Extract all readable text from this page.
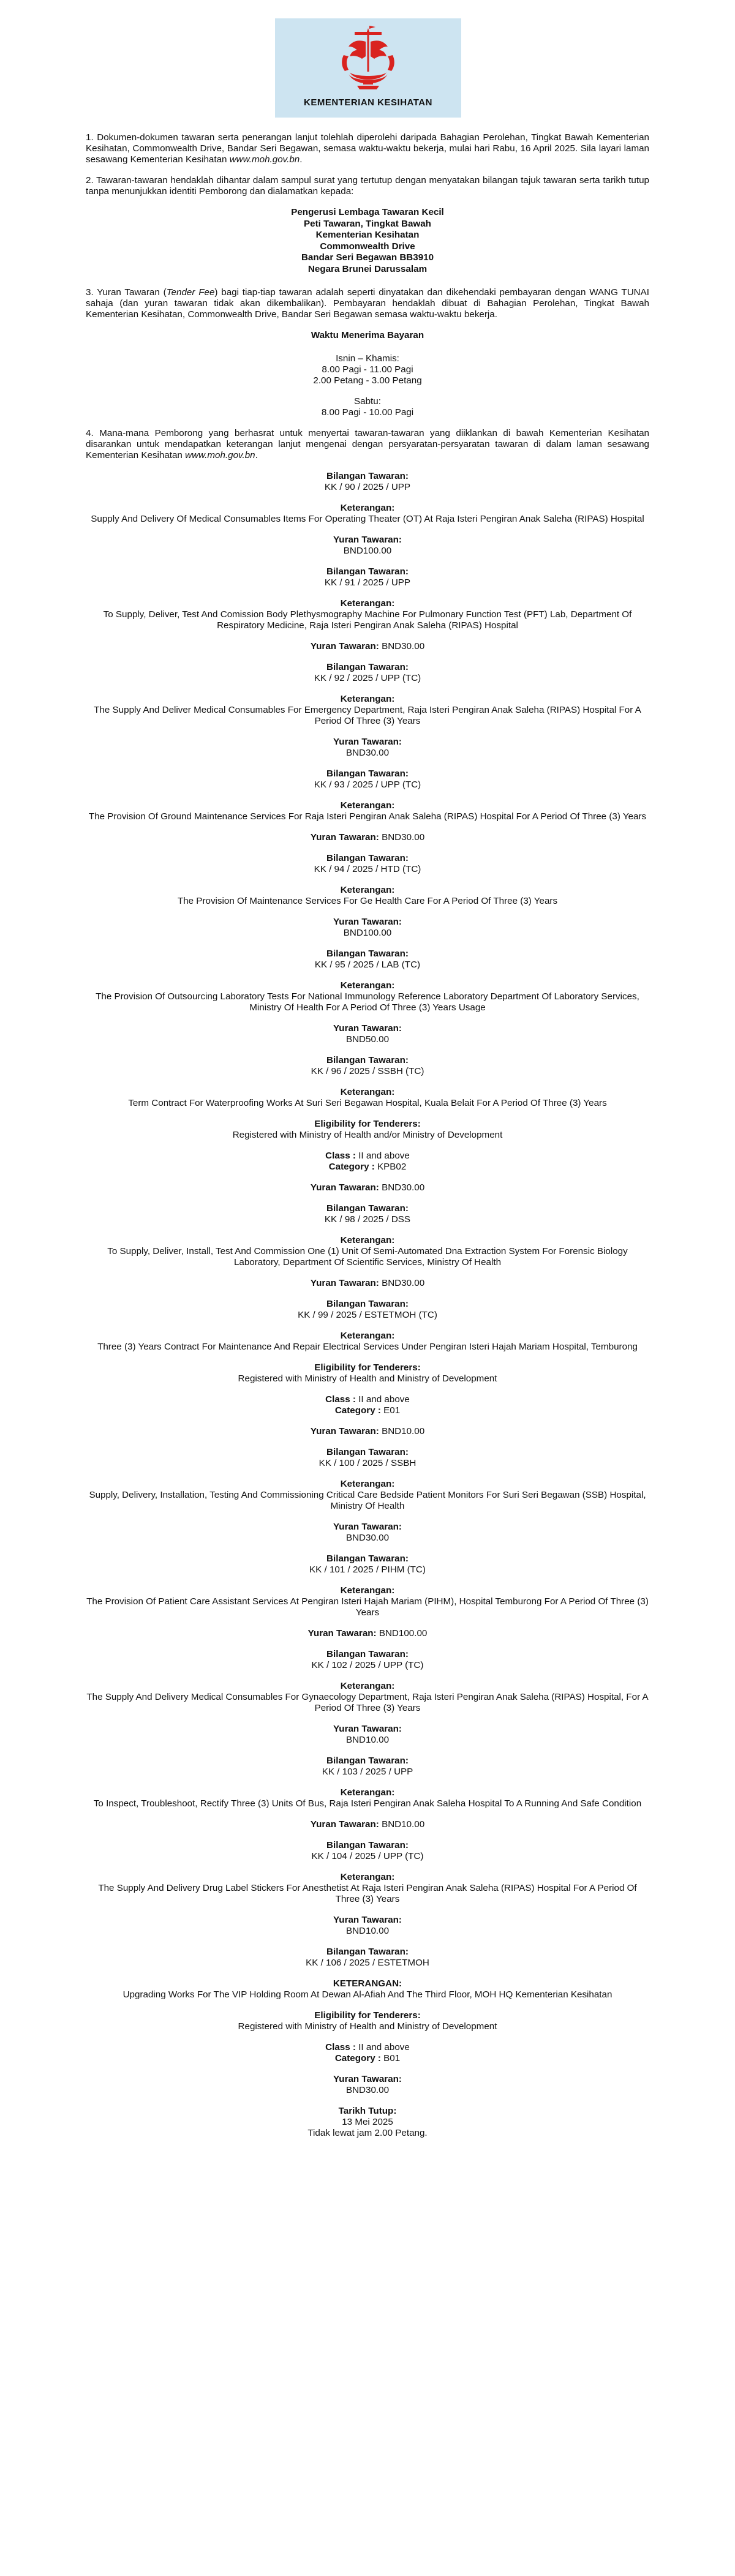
KEMENTERIAN KESIHATAN

1. Dokumen-dokumen tawaran serta penerangan lanjut tolehlah diperolehi daripada Bahagian Perolehan, Tingkat Bawah Kementerian Kesihatan, Commonwealth Drive, Bandar Seri Begawan, semasa waktu-waktu bekerja, mulai hari Rabu, 16 April 2025. Sila layari laman sesawang Kementerian Kesihatan www.moh.gov.bn.

2. Tawaran-tawaran hendaklah dihantar dalam sampul surat yang tertutup dengan menyatakan bilangan tajuk tawaran serta tarikh tutup tanpa menunjukkan identiti Pemborong dan dialamatkan kepada:

Pengerusi Lembaga Tawaran Kecil
Peti Tawaran, Tingkat Bawah
Kementerian Kesihatan
Commonwealth Drive
Bandar Seri Begawan BB3910
Negara Brunei Darussalam

3. Yuran Tawaran (Tender Fee) bagi tiap-tiap tawaran adalah seperti dinyatakan dan dikehendaki pembayaran dengan WANG TUNAI sahaja (dan yuran tawaran tidak akan dikembalikan). Pembayaran hendaklah dibuat di Bahagian Perolehan, Tingkat Bawah Kementerian Kesihatan, Commonwealth Drive, Bandar Seri Begawan semasa waktu-waktu bekerja.

Waktu Menerima Bayaran
Isnin – Khamis:
8.00 Pagi - 11.00 Pagi
2.00 Petang - 3.00 Petang
Sabtu:
8.00 Pagi - 10.00 Pagi

4. Mana-mana Pemborong yang berhasrat untuk menyertai tawaran-tawaran yang diiklankan di bawah Kementerian Kesihatan disarankan untuk mendapatkan keterangan lanjut mengenai dengan persyaratan-persyaratan tawaran di dalam laman sesawang Kementerian Kesihatan www.moh.gov.bn.

Bilangan Tawaran:
KK / 90 / 2025 / UPP
Keterangan:
Supply And Delivery Of Medical Consumables Items For Operating Theater (OT) At Raja Isteri Pengiran Anak Saleha (RIPAS) Hospital
Yuran Tawaran:
BND100.00
Bilangan Tawaran:
KK / 91 / 2025 / UPP
Keterangan:
To Supply, Deliver, Test And Comission Body Plethysmography Machine For Pulmonary Function Test (PFT) Lab, Department Of Respiratory Medicine, Raja Isteri Pengiran Anak Saleha (RIPAS) Hospital
Yuran Tawaran: BND30.00
Bilangan Tawaran:
KK / 92 / 2025 / UPP (TC)
Keterangan:
The Supply And Deliver Medical Consumables For Emergency Department, Raja Isteri Pengiran Anak Saleha (RIPAS) Hospital For A Period Of Three (3) Years
Yuran Tawaran:
BND30.00
Bilangan Tawaran:
KK / 93 / 2025 / UPP (TC)
Keterangan:
The Provision Of Ground Maintenance Services For Raja Isteri Pengiran Anak Saleha (RIPAS) Hospital For A Period Of Three (3) Years
Yuran Tawaran: BND30.00
Bilangan Tawaran:
KK / 94 / 2025 / HTD (TC)
Keterangan:
The Provision Of Maintenance Services For Ge Health Care For A Period Of Three (3) Years
Yuran Tawaran:
BND100.00
Bilangan Tawaran:
KK / 95 / 2025 / LAB (TC)
Keterangan:
The Provision Of Outsourcing Laboratory Tests For National Immunology Reference Laboratory Department Of Laboratory Services, Ministry Of Health For A Period Of Three (3) Years Usage
Yuran Tawaran:
BND50.00
Bilangan Tawaran:
KK / 96 / 2025 / SSBH (TC)
Keterangan:
Term Contract For Waterproofing Works At Suri Seri Begawan Hospital, Kuala Belait For A Period Of Three (3) Years
Eligibility for Tenderers:
Registered with Ministry of Health and/or Ministry of Development
Class : II and above
Category : KPB02
Yuran Tawaran: BND30.00
Bilangan Tawaran:
KK / 98 / 2025 / DSS
Keterangan:
To Supply, Deliver, Install, Test And Commission One (1) Unit Of Semi-Automated Dna Extraction System For Forensic Biology Laboratory, Department Of Scientific Services, Ministry Of Health
Yuran Tawaran: BND30.00
Bilangan Tawaran:
KK / 99 / 2025 / ESTETMOH (TC)
Keterangan:
Three (3) Years Contract For Maintenance And Repair Electrical Services Under Pengiran Isteri Hajah Mariam Hospital, Temburong
Eligibility for Tenderers:
Registered with Ministry of Health and Ministry of Development
Class : II and above
Category : E01
Yuran Tawaran: BND10.00
Bilangan Tawaran:
KK / 100 / 2025 / SSBH
Keterangan:
Supply, Delivery, Installation, Testing And Commissioning Critical Care Bedside Patient Monitors For Suri Seri Begawan (SSB) Hospital, Ministry Of Health
Yuran Tawaran:
BND30.00
Bilangan Tawaran:
KK / 101 / 2025 / PIHM (TC)
Keterangan:
The Provision Of Patient Care Assistant Services At Pengiran Isteri Hajah Mariam (PIHM), Hospital Temburong For A Period Of Three (3) Years
Yuran Tawaran: BND100.00
Bilangan Tawaran:
KK / 102 / 2025 / UPP (TC)
Keterangan:
The Supply And Delivery Medical Consumables For Gynaecology Department, Raja Isteri Pengiran Anak Saleha (RIPAS) Hospital, For A Period Of Three (3) Years
Yuran Tawaran:
BND10.00
Bilangan Tawaran:
KK / 103 / 2025 / UPP
Keterangan:
To Inspect, Troubleshoot, Rectify Three (3) Units Of Bus, Raja Isteri Pengiran Anak Saleha Hospital To A Running And Safe Condition
Yuran Tawaran: BND10.00
Bilangan Tawaran:
KK / 104 / 2025 / UPP (TC)
Keterangan:
The Supply And Delivery Drug Label Stickers For Anesthetist At Raja Isteri Pengiran Anak Saleha (RIPAS) Hospital For A Period Of Three (3) Years
Yuran Tawaran:
BND10.00
Bilangan Tawaran:
KK / 106 / 2025 / ESTETMOH
KETERANGAN:
Upgrading Works For The VIP Holding Room At Dewan Al-Afiah And The Third Floor, MOH HQ Kementerian Kesihatan
Eligibility for Tenderers:
Registered with Ministry of Health and Ministry of Development
Class : II and above
Category : B01
Yuran Tawaran:
BND30.00
Tarikh Tutup:
13 Mei 2025
Tidak lewat jam 2.00 Petang.
